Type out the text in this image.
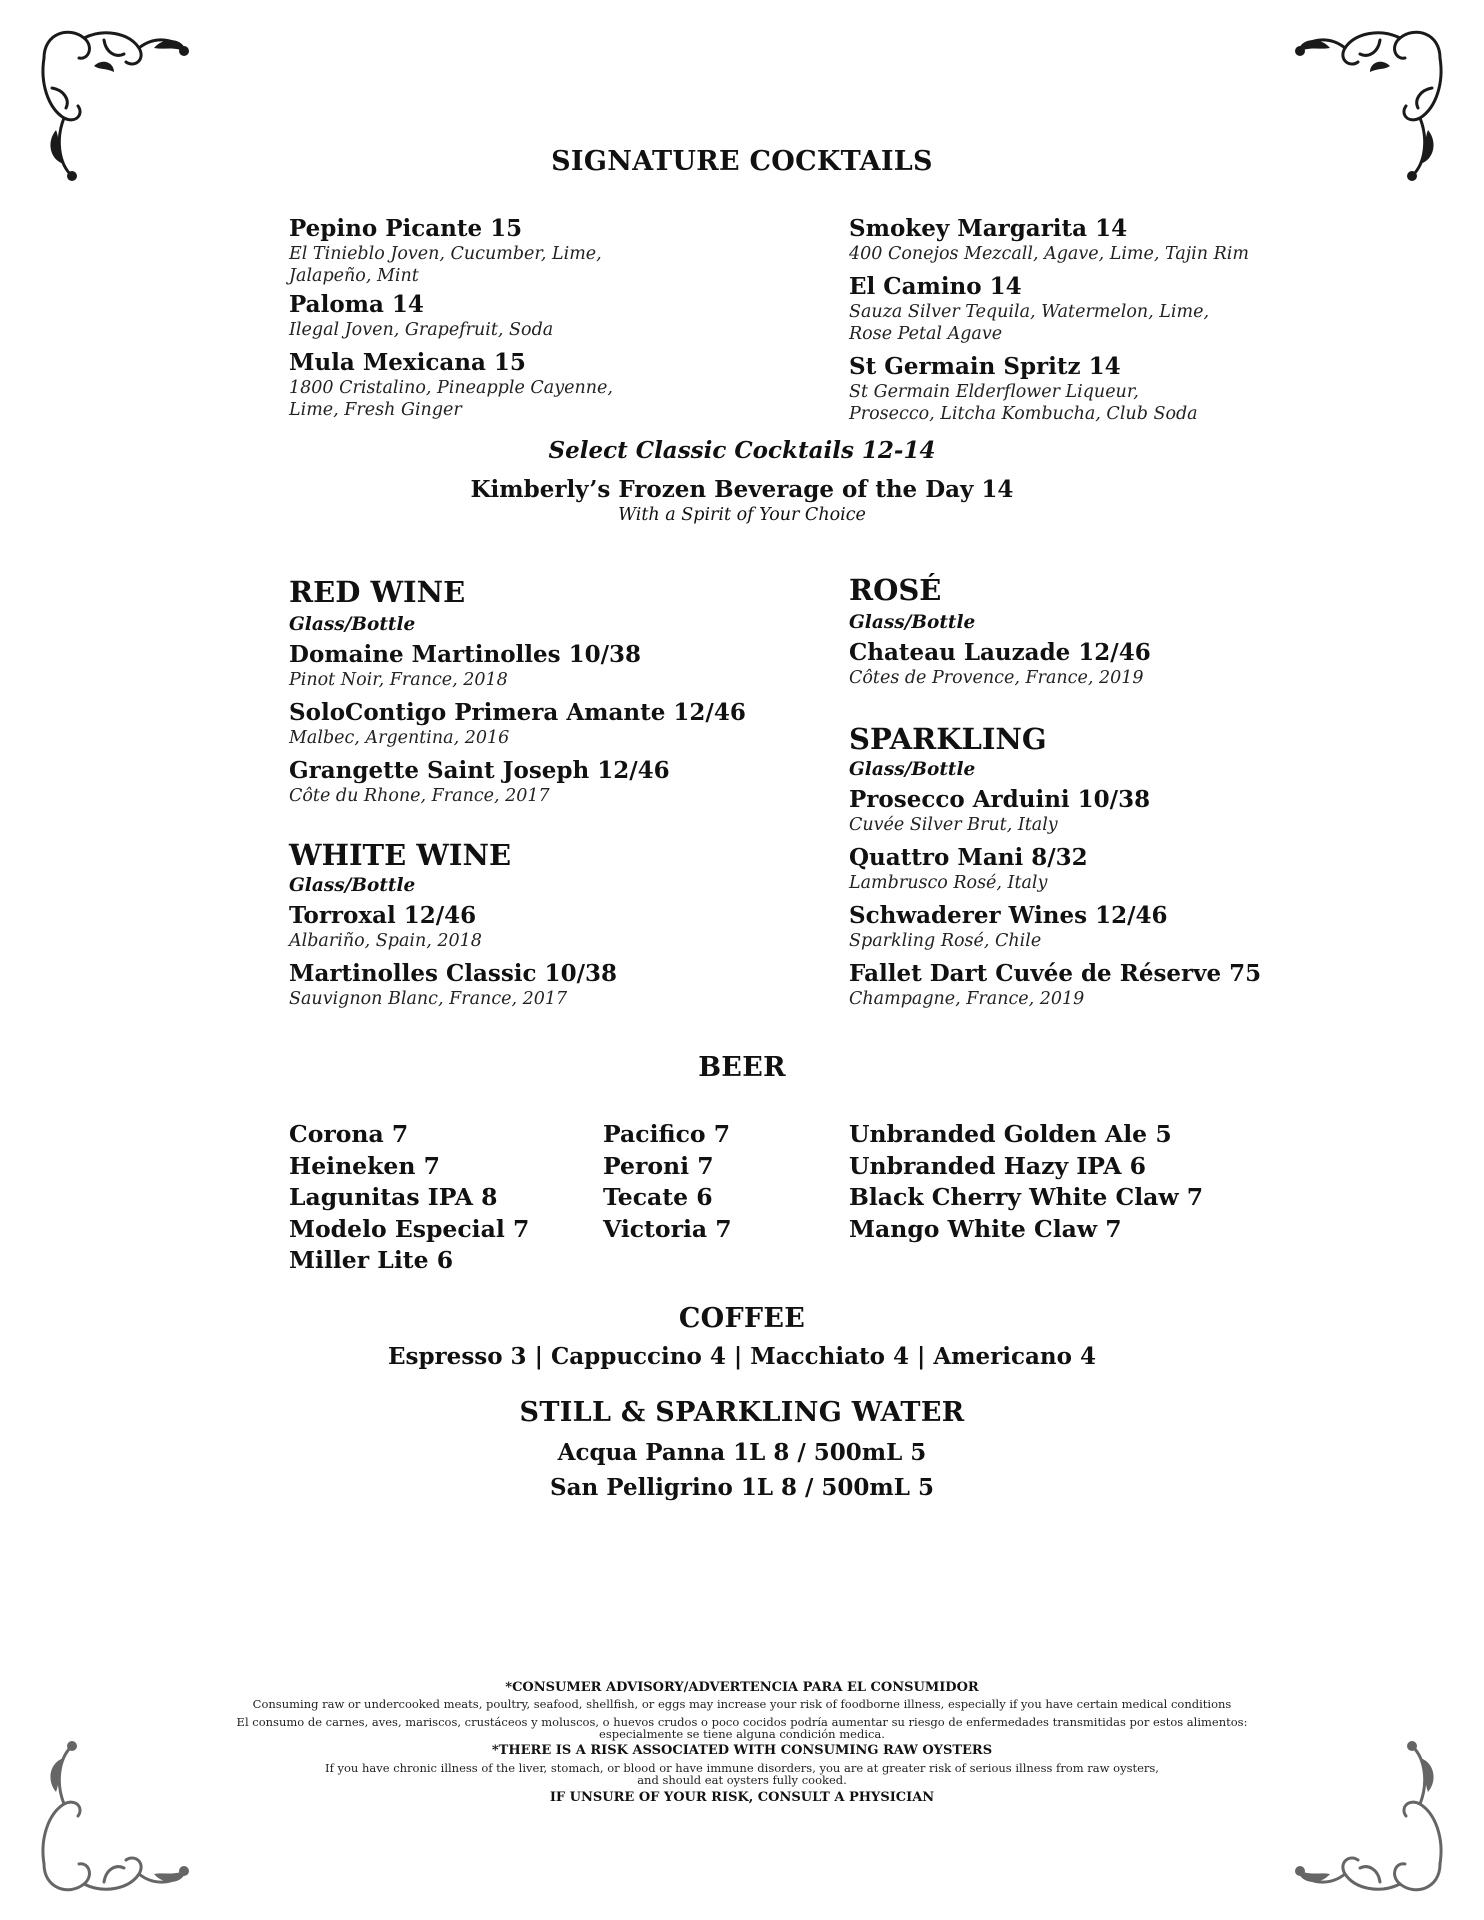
SIGNATURE COCKTAILS
Pepino Picante 15
El Tinieblo Joven, Cucumber, Lime,
Jalapeño, Mint
Paloma 14
Ilegal Joven, Grapefruit, Soda
Mula Mexicana 15
1800 Cristalino, Pineapple Cayenne,
Lime, Fresh Ginger
Smokey Margarita 14
400 Conejos Mezcall, Agave, Lime, Tajin Rim
El Camino 14
Sauza Silver Tequila, Watermelon, Lime,
Rose Petal Agave
St Germain Spritz 14
St Germain Elderflower Liqueur,
Prosecco, Litcha Kombucha, Club Soda
Select Classic Cocktails 12-14
Kimberly’s Frozen Beverage of the Day 14
With a Spirit of Your Choice
RED WINE
Glass/Bottle
Domaine Martinolles 10/38
Pinot Noir, France, 2018
SoloContigo Primera Amante 12/46
Malbec, Argentina, 2016
Grangette Saint Joseph 12/46
Côte du Rhone, France, 2017
WHITE WINE
Glass/Bottle
Torroxal 12/46
Albariño, Spain, 2018
Martinolles Classic 10/38
Sauvignon Blanc, France, 2017
ROSÉ
Glass/Bottle
Chateau Lauzade 12/46
Côtes de Provence, France, 2019
SPARKLING
Glass/Bottle
Prosecco Arduini 10/38
Cuvée Silver Brut, Italy
Quattro Mani 8/32
Lambrusco Rosé, Italy
Schwaderer Wines 12/46
Sparkling Rosé, Chile
Fallet Dart Cuvée de Réserve 75
Champagne, France, 2019
BEER
Corona 7
Heineken 7
Lagunitas IPA 8
Modelo Especial 7
Miller Lite 6
Pacifico 7
Peroni 7
Tecate 6
Victoria 7
Unbranded Golden Ale 5
Unbranded Hazy IPA 6
Black Cherry White Claw 7
Mango White Claw 7
COFFEE
Espresso 3 | Cappuccino 4 | Macchiato 4 | Americano 4
STILL & SPARKLING WATER
Acqua Panna 1L 8 / 500mL 5
San Pelligrino 1L 8 / 500mL 5
*CONSUMER ADVISORY/ADVERTENCIA PARA EL CONSUMIDOR
Consuming raw or undercooked meats, poultry, seafood, shellfish, or eggs may increase your risk of foodborne illness, especially if you have certain medical conditions
El consumo de carnes, aves, mariscos, crustáceos y moluscos, o huevos crudos o poco cocidos podría aumentar su riesgo de enfermedades transmitidas por estos alimentos:
especialmente se tiene alguna condición medica.
*THERE IS A RISK ASSOCIATED WITH CONSUMING RAW OYSTERS
If you have chronic illness of the liver, stomach, or blood or have immune disorders, you are at greater risk of serious illness from raw oysters,
and should eat oysters fully cooked.
IF UNSURE OF YOUR RISK, CONSULT A PHYSICIAN
